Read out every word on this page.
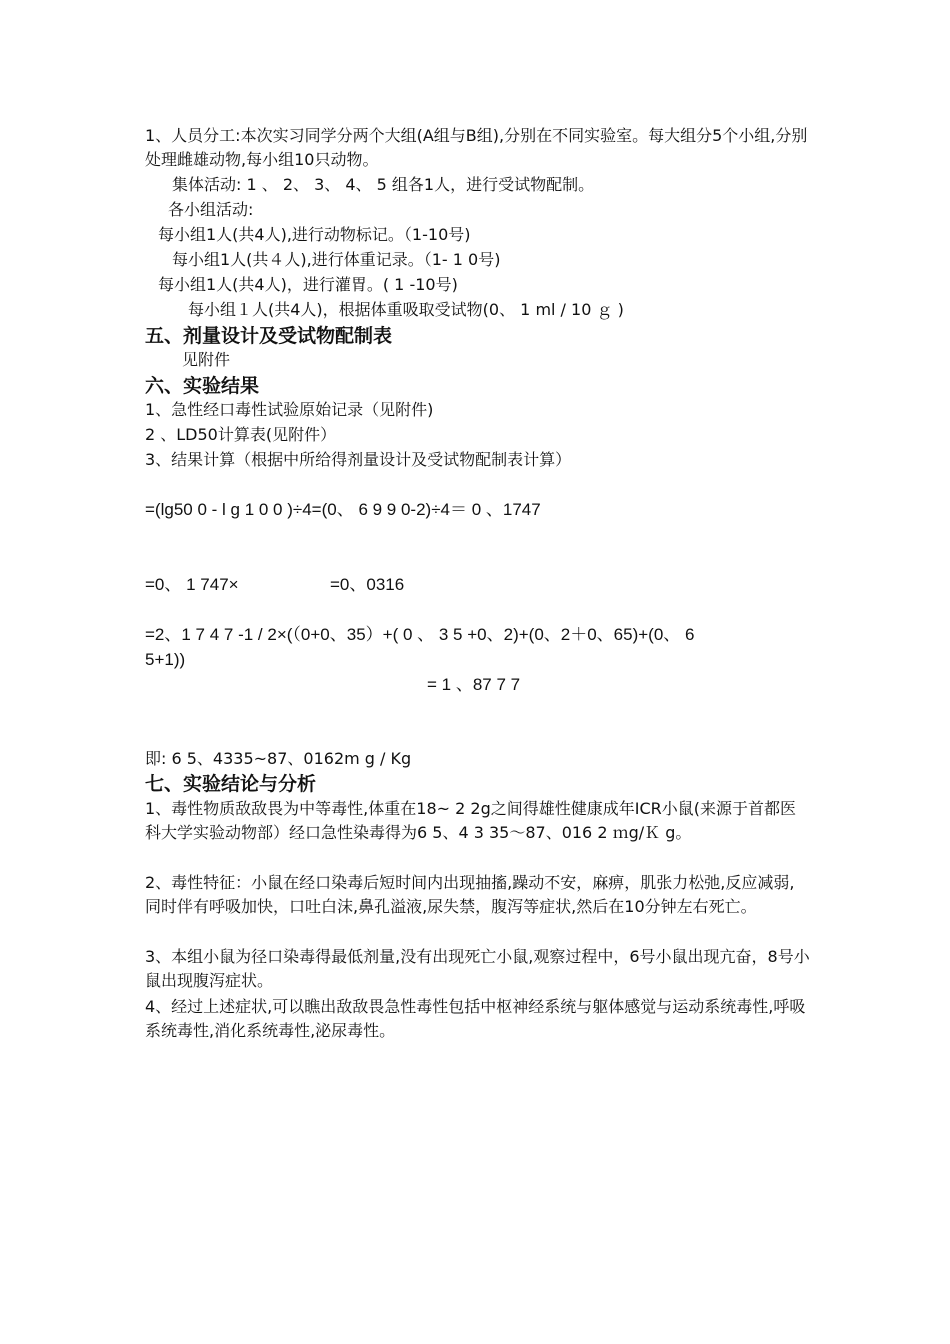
1、人员分工:本次实习同学分两个大组(A组与B组),分别在不同实验室。每大组分5个小组,分别处理雌雄动物,每小组10只动物。
集体活动: 1 、 2、 3、 4、 5 组各1人，进行受试物配制。
各小组活动:
每小组1人(共4人),进行动物标记。（1-10号)
每小组1人(共４人),进行体重记录。（1- 1 0号)
每小组1人(共4人)，进行灌胃。( 1 -10号)
每小组１人(共4人)，根据体重吸取受试物(0、 1 ml / 10 ｇ )
五、剂量设计及受试物配制表
见附件
六、实验结果
1、急性经口毒性试验原始记录（见附件)
2 、LD50计算表(见附件）
3、结果计算（根据中所给得剂量设计及受试物配制表计算）
=(lg50 0 - l g 1 0 0 )÷4=(0、 6 9 9 0-2)÷4＝ 0 、1747
=0、 1 747×	=0、0316
=2、1 7 4 7 -1 / 2×(（0+0、35）+( 0 、 3 5 +0、2)+(0、2＋0、65)+(0、 6
5+1))
= 1 、87 7 7
即: 6 5、4335~87、0162m g / Kg
七、实验结论与分析
1、毒性物质敌敌畏为中等毒性,体重在18~ 2 2g之间得雄性健康成年ICR小鼠(来源于首都医科大学实验动物部）经口急性染毒得为6 5、4 3 35～87、016 2 ｍg/Ｋ g。
2、毒性特征：小鼠在经口染毒后短时间内出现抽搐,躁动不安，麻痹，肌张力松弛,反应减弱,同时伴有呼吸加快，口吐白沫,鼻孔溢液,尿失禁，腹泻等症状,然后在10分钟左右死亡。
3、本组小鼠为径口染毒得最低剂量,没有出现死亡小鼠,观察过程中，6号小鼠出现亢奋，8号小鼠出现腹泻症状。
4、经过上述症状,可以瞧出敌敌畏急性毒性包括中枢神经系统与躯体感觉与运动系统毒性,呼吸系统毒性,消化系统毒性,泌尿毒性。
